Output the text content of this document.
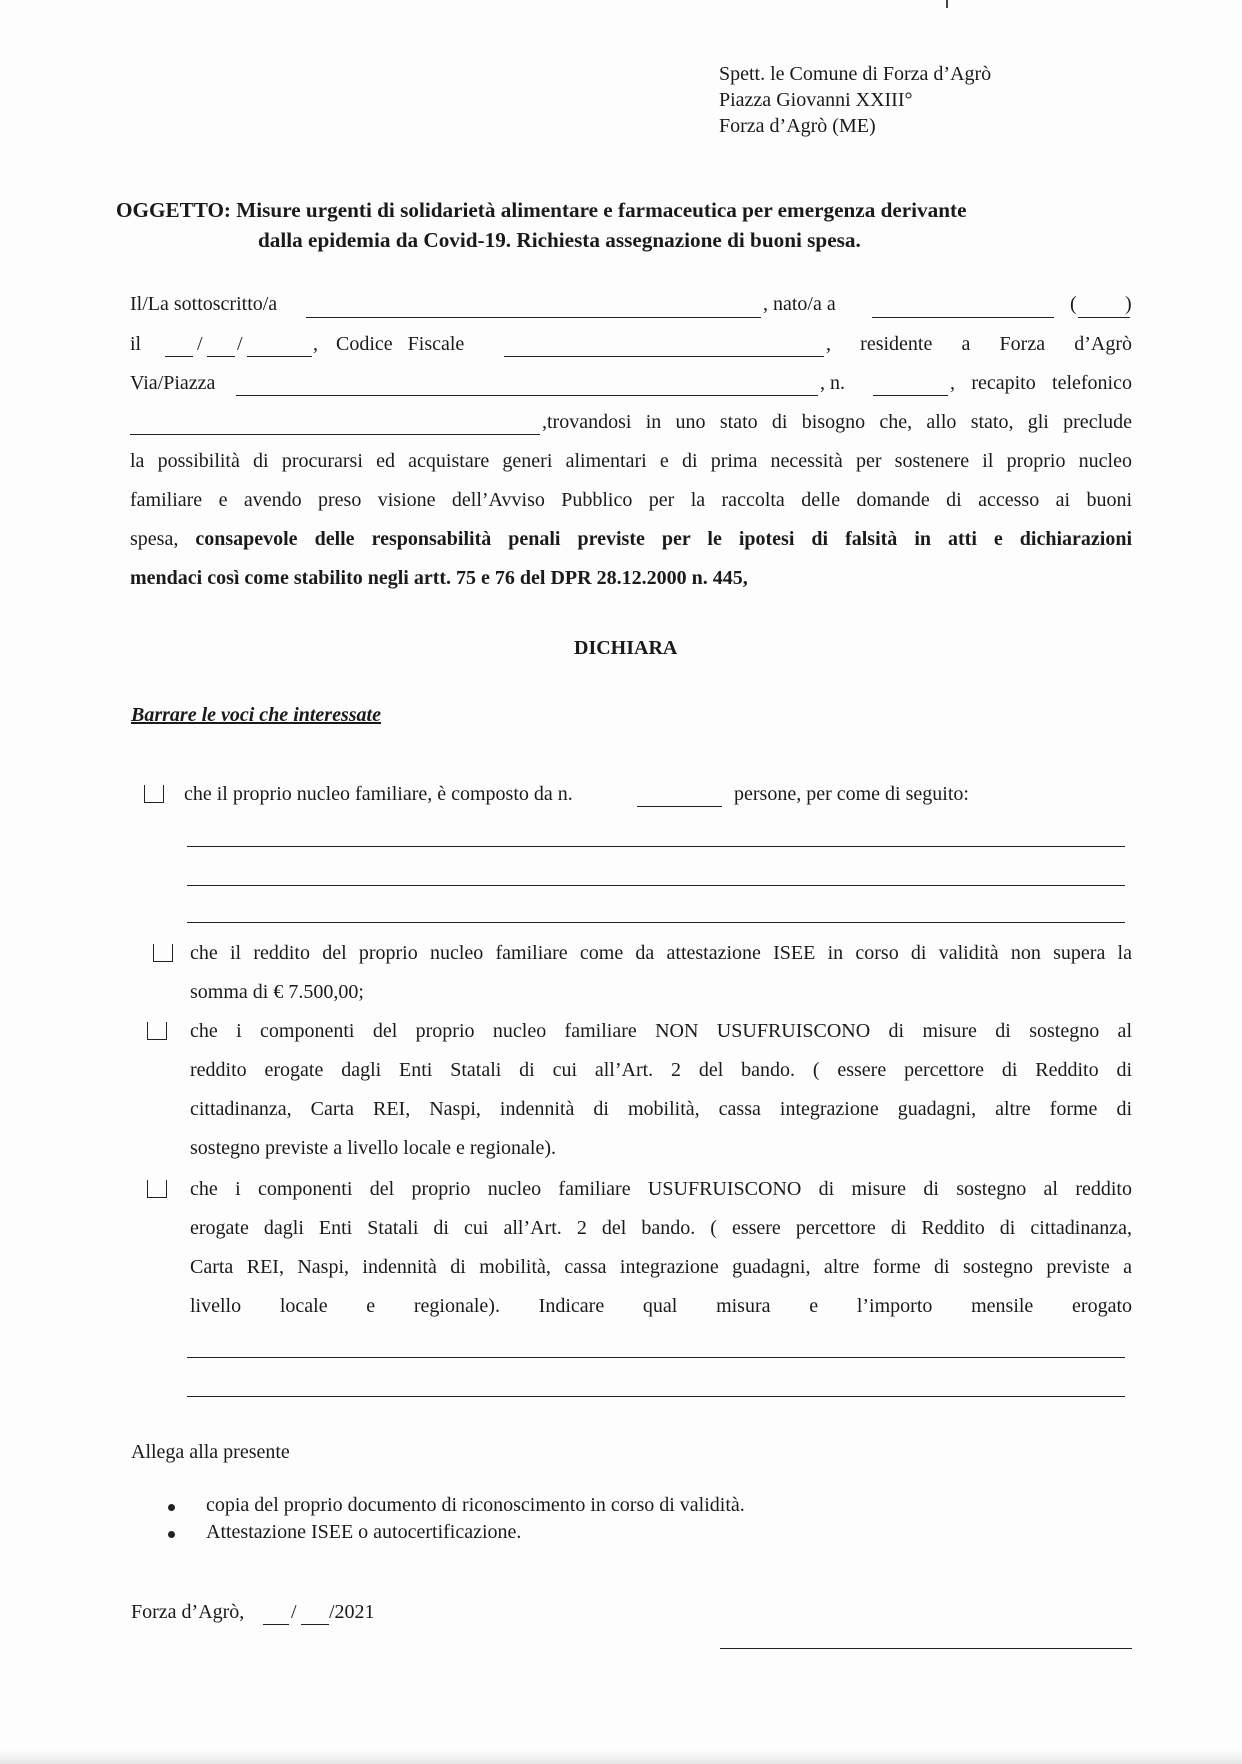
Spett. le Comune di Forza d’Agrò
Piazza Giovanni XXIII°
Forza d’Agrò (ME)
OGGETTO: Misure urgenti di solidarietà alimentare e farmaceutica per emergenza derivante
dalla epidemia da Covid-19. Richiesta assegnazione di buoni spesa.
Il/La sottoscritto/a	, nato/a a	( )
il	/ /	, Codice Fiscale	, residente a Forza d’Agrò
Via/Piazza	, n.	, recapito telefonico
,trovandosi in uno stato di bisogno che, allo stato, gli preclude
la possibilità di procurarsi ed acquistare generi alimentari e di prima necessità per sostenere il proprio nucleo
familiare e avendo preso visione dell’Avviso Pubblico per la raccolta delle domande di accesso ai buoni
spesa, consapevole delle responsabilità penali previste per le ipotesi di falsità in atti e dichiarazioni
mendaci così come stabilito negli artt. 75 e 76 del DPR 28.12.2000 n. 445,
DICHIARA
Barrare le voci che interessate
che il proprio nucleo familiare, è composto da n.	persone, per come di seguito:
che il reddito del proprio nucleo familiare come da attestazione ISEE in corso di validità non supera la
somma di € 7.500,00;
che i componenti del proprio nucleo familiare NON USUFRUISCONO di misure di sostegno al
reddito erogate dagli Enti Statali di cui all’Art. 2 del bando. ( essere percettore di Reddito di
cittadinanza, Carta REI, Naspi, indennità di mobilità, cassa integrazione guadagni, altre forme di
sostegno previste a livello locale e regionale).
che i componenti del proprio nucleo familiare USUFRUISCONO di misure di sostegno al reddito
erogate dagli Enti Statali di cui all’Art. 2 del bando. ( essere percettore di Reddito di cittadinanza,
Carta REI, Naspi, indennità di mobilità, cassa integrazione guadagni, altre forme di sostegno previste a
livello locale e regionale). Indicare qual misura e l’importo mensile erogato
Allega alla presente
copia del proprio documento di riconoscimento in corso di validità.
Attestazione ISEE o autocertificazione.
Forza d’Agrò, / /2021
